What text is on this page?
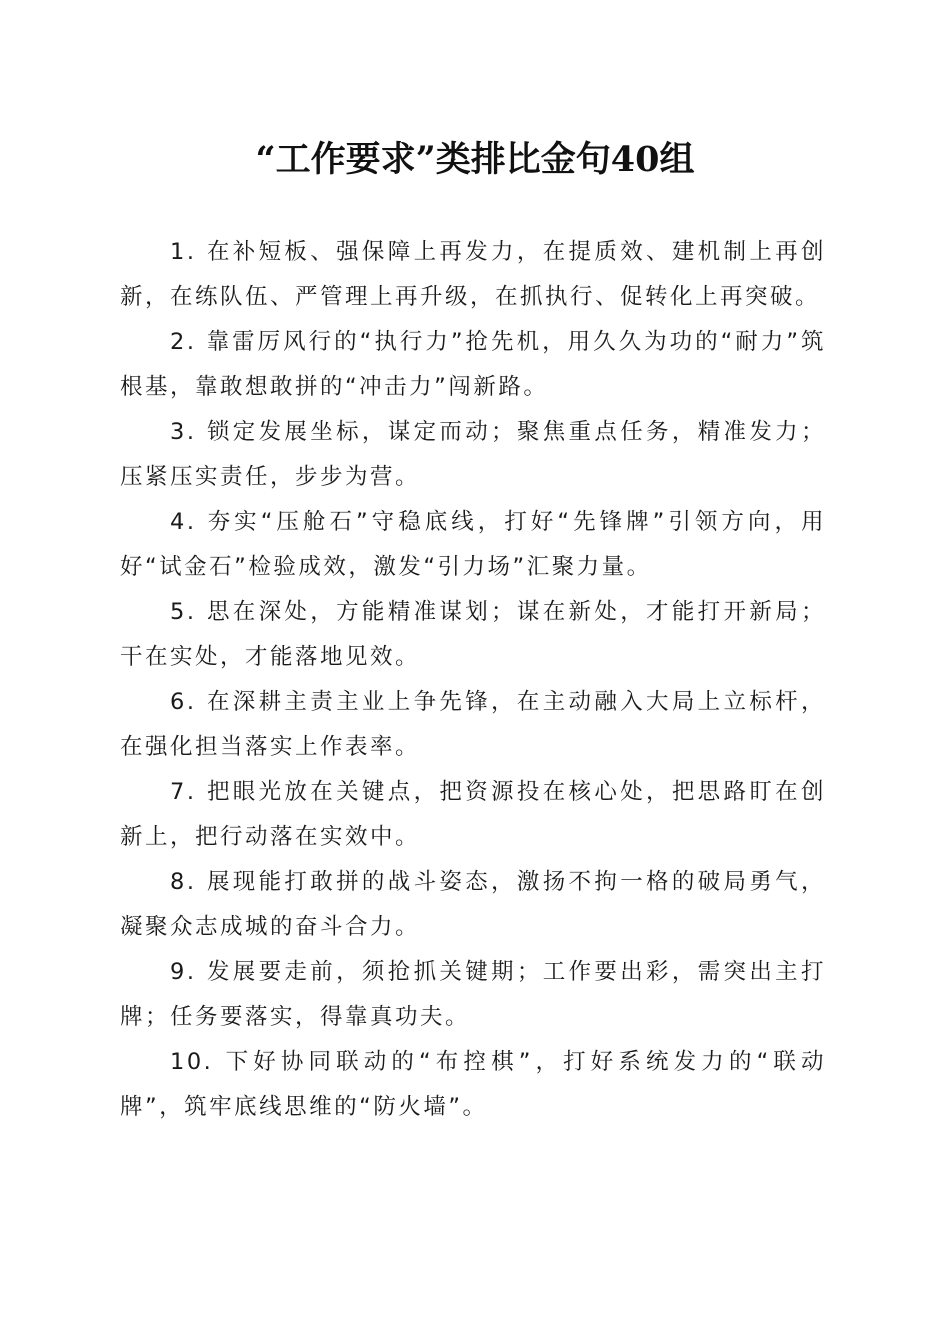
“工作要求”类排比金句40组

1. 在补短板、强保障上再发力，在提质效、建机制上再创新，在练队伍、严管理上再升级，在抓执行、促转化上再突破。

2. 靠雷厉风行的“执行力”抢先机，用久久为功的“耐力”筑根基，靠敢想敢拼的“冲击力”闯新路。

3. 锁定发展坐标，谋定而动；聚焦重点任务，精准发力；压紧压实责任，步步为营。

4. 夯实“压舱石”守稳底线，打好“先锋牌”引领方向，用好“试金石”检验成效，激发“引力场”汇聚力量。

5. 思在深处，方能精准谋划；谋在新处，才能打开新局；干在实处，才能落地见效。

6. 在深耕主责主业上争先锋，在主动融入大局上立标杆，在强化担当落实上作表率。

7. 把眼光放在关键点，把资源投在核心处，把思路盯在创新上，把行动落在实效中。

8. 展现能打敢拼的战斗姿态，激扬不拘一格的破局勇气，凝聚众志成城的奋斗合力。

9. 发展要走前，须抢抓关键期；工作要出彩，需突出主打牌；任务要落实，得靠真功夫。

10. 下好协同联动的“布控棋”，打好系统发力的“联动牌”，筑牢底线思维的“防火墙”。
